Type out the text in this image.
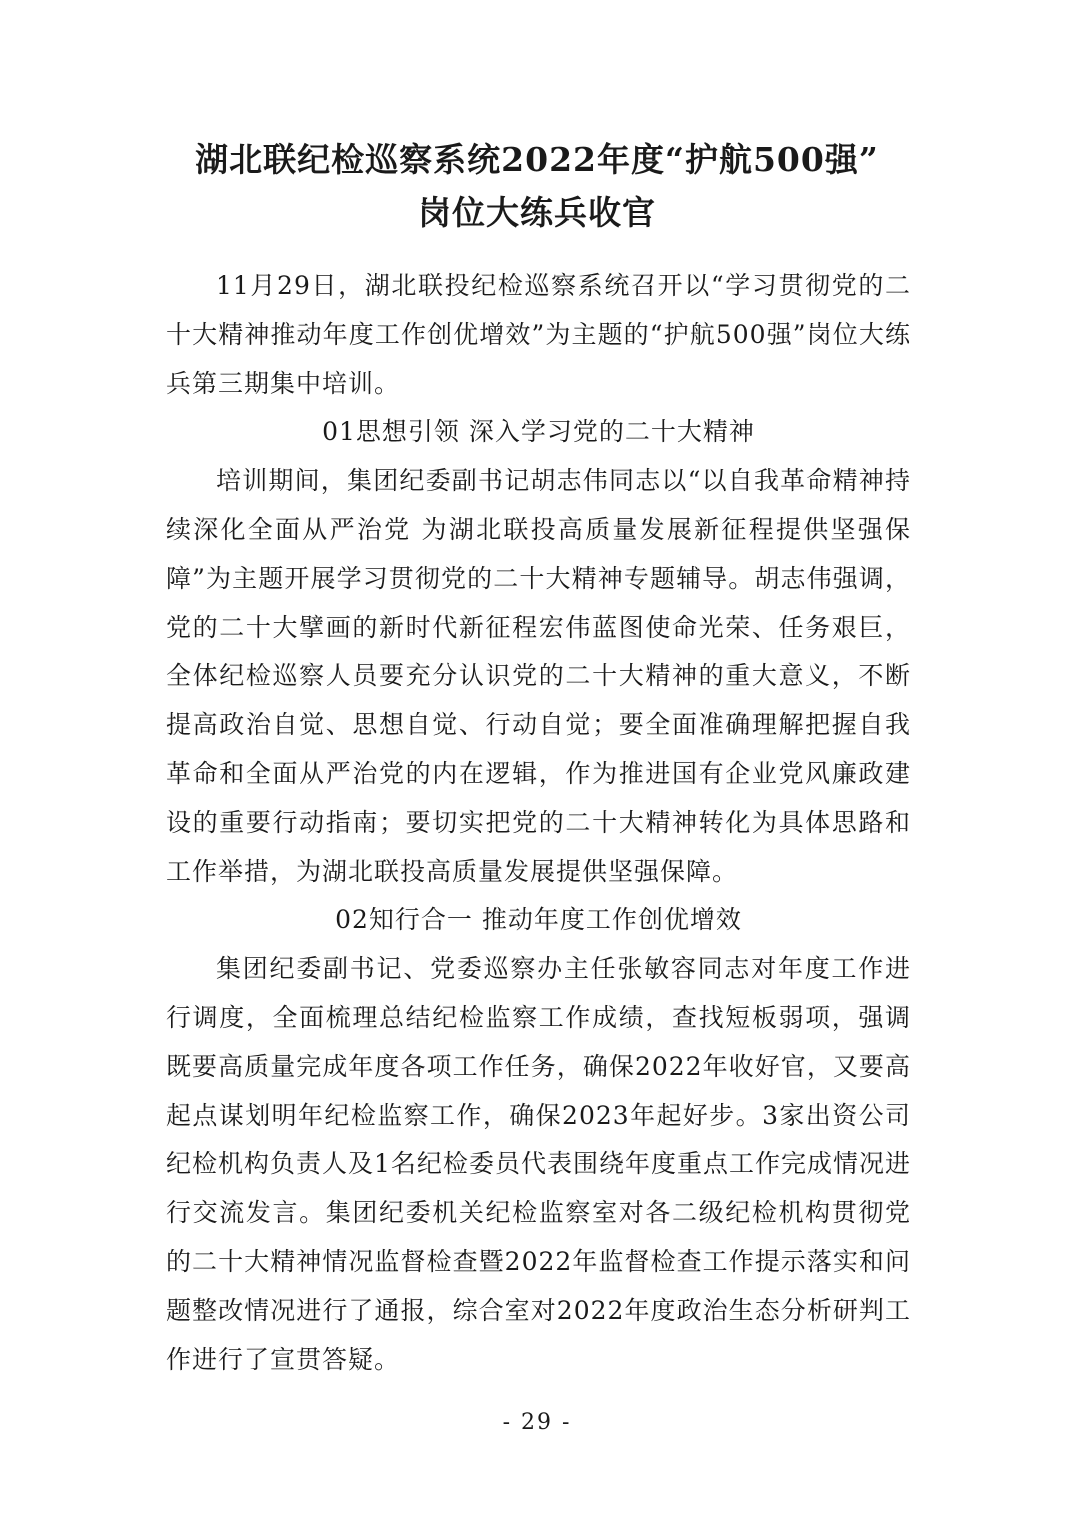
湖北联纪检巡察系统2022年度“护航500强”
岗位大练兵收官

11月29日，湖北联投纪检巡察系统召开以“学习贯彻党的二十大精神推动年度工作创优增效”为主题的“护航500强”岗位大练兵第三期集中培训。

01思想引领 深入学习党的二十大精神

培训期间，集团纪委副书记胡志伟同志以“以自我革命精神持续深化全面从严治党 为湖北联投高质量发展新征程提供坚强保障”为主题开展学习贯彻党的二十大精神专题辅导。胡志伟强调，党的二十大擘画的新时代新征程宏伟蓝图使命光荣、任务艰巨，全体纪检巡察人员要充分认识党的二十大精神的重大意义，不断提高政治自觉、思想自觉、行动自觉；要全面准确理解把握自我革命和全面从严治党的内在逻辑，作为推进国有企业党风廉政建设的重要行动指南；要切实把党的二十大精神转化为具体思路和工作举措，为湖北联投高质量发展提供坚强保障。

02知行合一 推动年度工作创优增效

集团纪委副书记、党委巡察办主任张敏容同志对年度工作进行调度，全面梳理总结纪检监察工作成绩，查找短板弱项，强调既要高质量完成年度各项工作任务，确保2022年收好官，又要高起点谋划明年纪检监察工作，确保2023年起好步。3家出资公司纪检机构负责人及1名纪检委员代表围绕年度重点工作完成情况进行交流发言。集团纪委机关纪检监察室对各二级纪检机构贯彻党的二十大精神情况监督检查暨2022年监督检查工作提示落实和问题整改情况进行了通报，综合室对2022年度政治生态分析研判工作进行了宣贯答疑。

- 29 -
